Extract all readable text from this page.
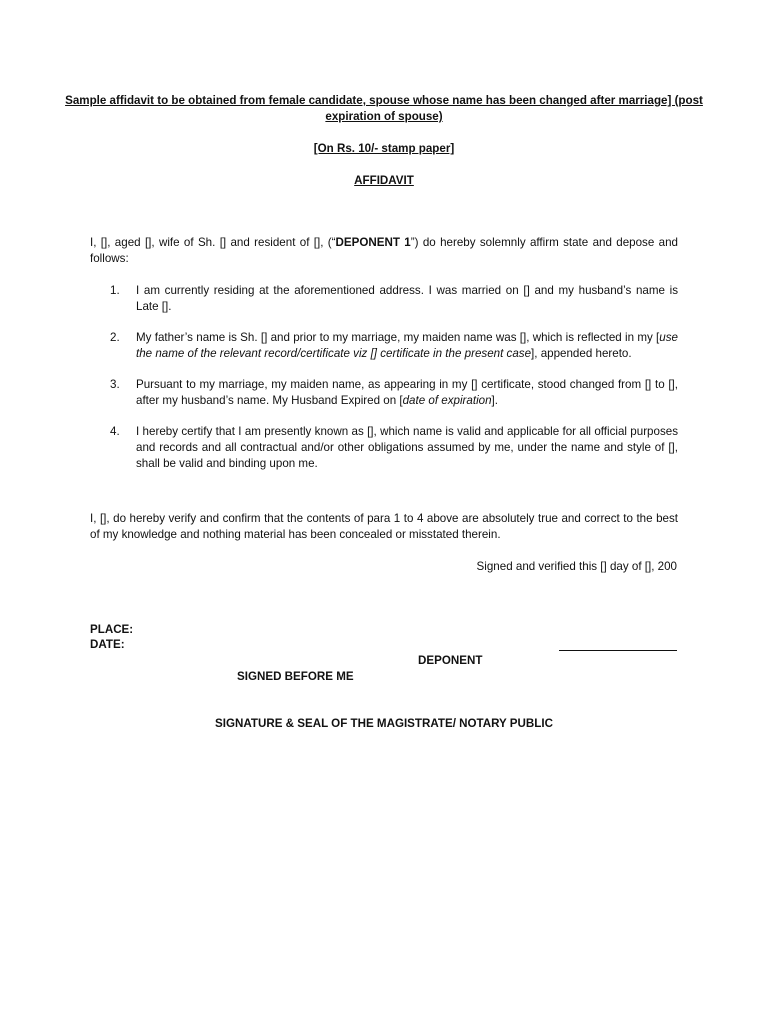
Sample affidavit to be obtained from female candidate, spouse whose name has been changed after marriage] (post expiration of spouse)
[On Rs. 10/- stamp paper]
AFFIDAVIT
I, [], aged [], wife of Sh. [] and resident of [], (“DEPONENT 1”) do hereby solemnly affirm state and depose and follows:
1. I am currently residing at the aforementioned address. I was married on [] and my husband’s name is Late [].
2. My father’s name is Sh. [] and prior to my marriage, my maiden name was [], which is reflected in my [use the name of the relevant record/certificate viz [] certificate in the present case], appended hereto.
3. Pursuant to my marriage, my maiden name, as appearing in my [] certificate, stood changed from [] to [], after my husband’s name. My Husband Expired on [date of expiration].
4. I hereby certify that I am presently known as [], which name is valid and applicable for all official purposes and records and all contractual and/or other obligations assumed by me, under the name and style of [], shall be valid and binding upon me.
I, [], do hereby verify and confirm that the contents of para 1 to 4 above are absolutely true and correct to the best of my knowledge and nothing material has been concealed or misstated therein.
Signed and verified this [] day of [], 200
PLACE:
DATE:
DEPONENT
SIGNED BEFORE ME
SIGNATURE & SEAL OF THE MAGISTRATE/ NOTARY PUBLIC
